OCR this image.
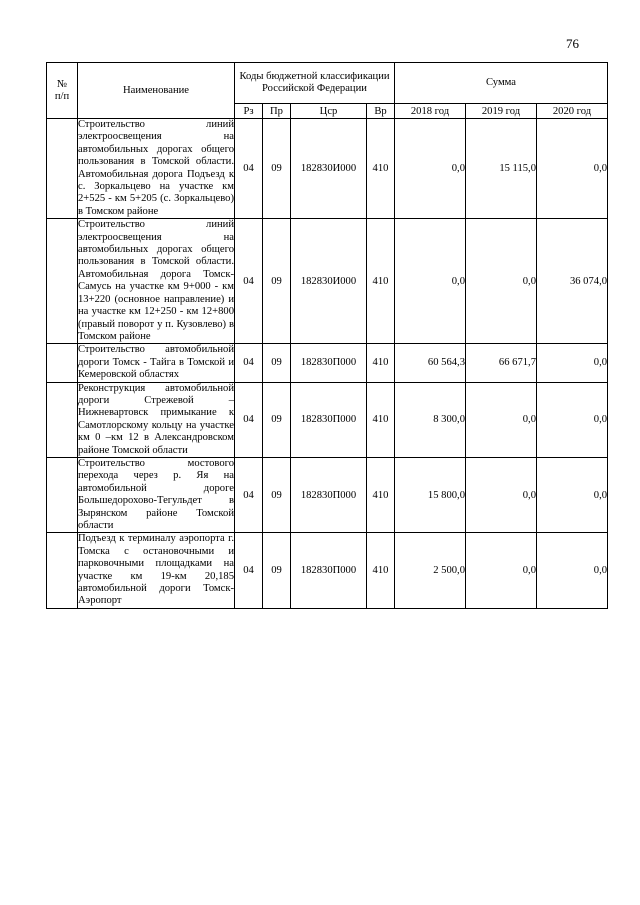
76
№
п/п	Наименование	Коды бюджетной классификации Российской Федерации				Сумма		
		Рз	Пр	Цср	Вр	2018 год	2019 год	2020 год

	Строительство линий электроосвещения на автомобильных дорогах общего пользования в Томской области. Автомобильная дорога Подъезд к с. Зоркальцево на участке км 2+525 - км 5+205 (с. Зоркальцево) в Томском районе	04	09	182830И000	410	0,0	15 115,0	0,0

	Строительство линий электроосвещения на автомобильных дорогах общего пользования в Томской области. Автомобильная дорога Томск-Самусь на участке км 9+000 - км 13+220 (основное направление) и на участке км 12+250 - км 12+800 (правый поворот у п. Кузовлево) в Томском районе	04	09	182830И000	410	0,0	0,0	36 074,0

	Строительство автомобильной дороги Томск - Тайга в Томской и Кемеровской областях	04	09	182830П000	410	60 564,3	66 671,7	0,0

	Реконструкция автомобильной дороги Стрежевой – Нижневартовск примыкание к Самотлорскому кольцу на участке км 0 –км 12 в Александровском районе Томской области	04	09	182830П000	410	8 300,0	0,0	0,0

	Строительство мостового перехода через р. Яя на автомобильной дороге Большедорохово-Тегульдет в Зырянском районе Томской области	04	09	182830П000	410	15 800,0	0,0	0,0

	Подъезд к терминалу аэропорта г. Томска с остановочными и парковочными площадками на участке км 19-км 20,185 автомобильной дороги Томск-Аэропорт	04	09	182830П000	410	2 500,0	0,0	0,0
